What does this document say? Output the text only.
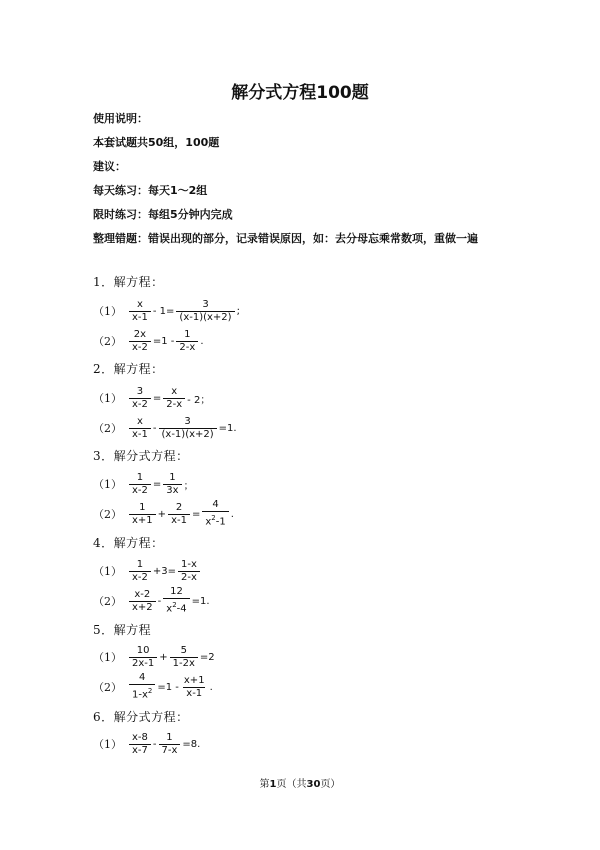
解分式方程100题
使用说明：
本套试题共50组，100题
建议：
每天练习：每天1〜2组
限时练习：每组5分钟内完成
整理错题：错误出现的部分，记录错误原因，如：去分母忘乘常数项，重做一遍
1．解方程：
$(1) \frac{x}{x-1} - 1= \frac{3}{(x-1)(x+2)}$ ;
$(2) \frac{2x}{x-2} =1 - \frac{1}{2-x}$ .
2．解方程：
$(1) \frac{3}{x-2} = \frac{x}{2-x} - 2$；
$(2) \frac{x}{x-1} - \frac{3}{(x-1)(x+2)} =1$.
3．解分式方程：
$(1) \frac{1}{x-2} = \frac{1}{3x}$ ；
$(2) \frac{1}{x+1} + \frac{2}{x-1} = \frac{4}{x^2-1}$ .
4．解方程：
$(1) \frac{1}{x-2} +3= \frac{1-x}{2-x}$
$(2) \frac{x-2}{x+2} - \frac{12}{x^2-4} =1$.
5．解方程
$(1) \frac{10}{2x-1} + \frac{5}{1-2x} =2$
$(2) \frac{4}{1-x^2} =1 - \frac{x+1}{x-1}$ .
6．解分式方程：
$(1) \frac{x-8}{x-7} - \frac{1}{7-x} =8$.
第1页（共30页）
